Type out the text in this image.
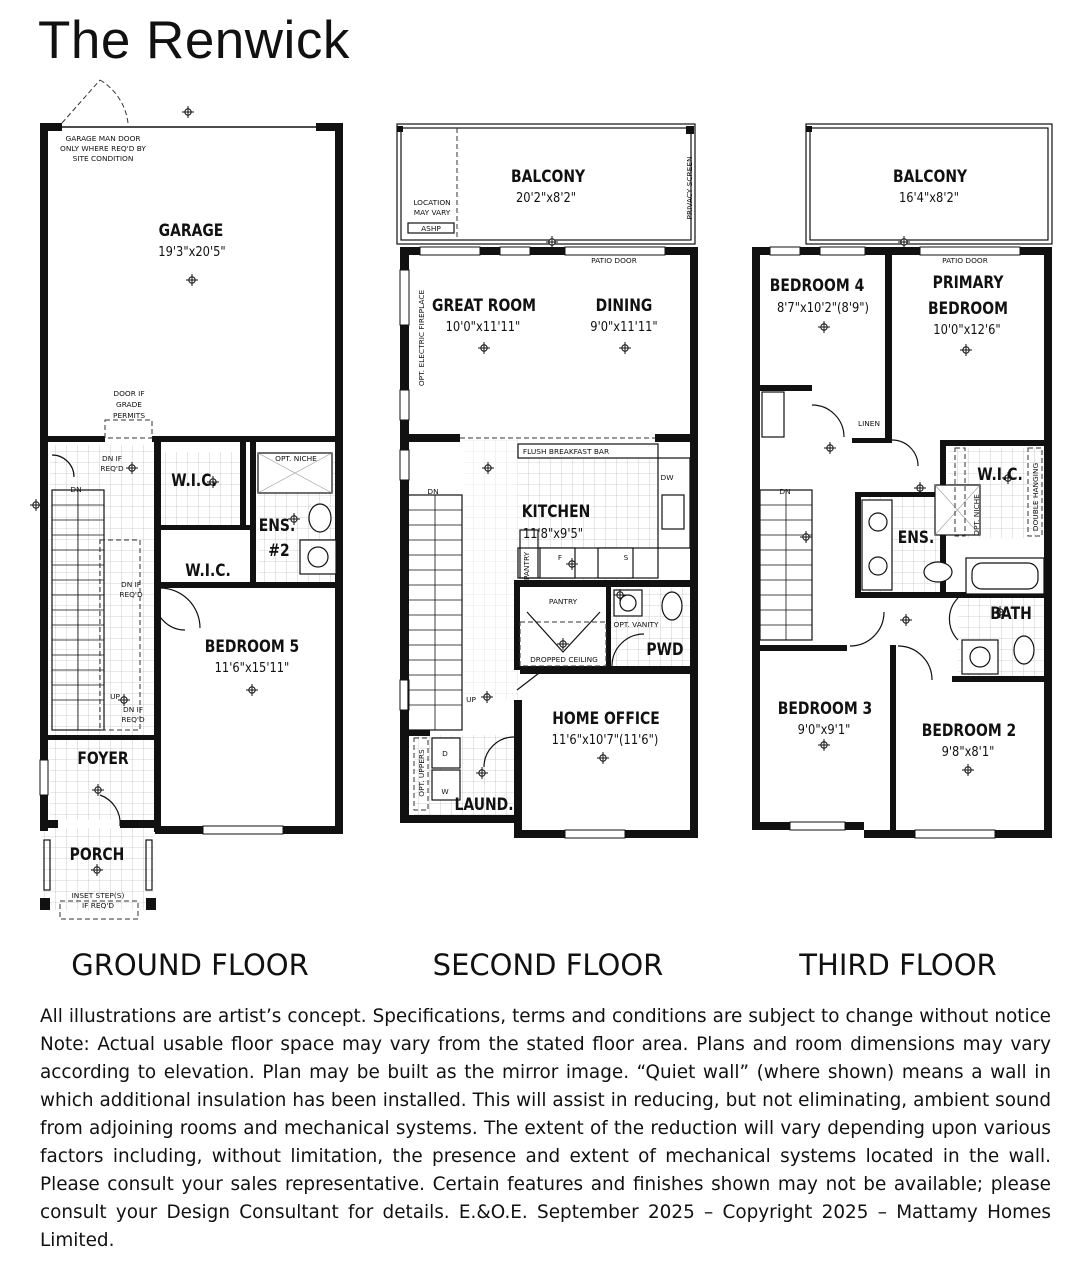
The Renwick
GARAGE MAN DOOR
ONLY WHERE REQ'D BY
SITE CONDITION
GARAGE
19'3"x20'5"
DOOR IF
GRADE
PERMITS
DN IF
REQ'D
DN	W.I.C.
OPT. NICHE
ENS.
#2
W.I.C.
DN IF
REQ'D
BEDROOM 5
11'6"x15'11"
UP
DN IF
REQ'D
FOYER
PORCH
INSET STEP(S)
IF REQ'D
BALCONY
20'2"x8'2"
LOCATION
MAY VARY
ASHP
PRIVACY SCREEN
PATIO DOOR
OPT. ELECTRIC FIREPLACE GREAT ROOM
10'0"x11'11"
DINING
9'0"x11'11"
FLUSH BREAKFAST BAR
DW
DN
KITCHEN
11'8"x9'5"
PANTRY	F	S
PANTRY
OPT. VANITY
DROPPED CEILING
PWD
UP
HOME OFFICE
11'6"x10'7"(11'6")
OPT. UPPERS D
W
LAUND.
BALCONY
16'4"x8'2"
PATIO DOOR
BEDROOM 4
8'7"x10'2"(8'9")
PRIMARY
BEDROOM
10'0"x12'6"
LINEN
W.I.C. DOUBLE HANGING
OPT. NICHE
DN
ENS.
BATH
BEDROOM 3
9'0"x9'1"	BEDROOM 2
9'8"x8'1"
GROUND FLOOR	SECOND FLOOR	THIRD FLOOR

All illustrations are artist’s concept. Specifications, terms and conditions are subject to change without notice Note: Actual usable floor space may vary from the stated floor area. Plans and room dimensions may vary according to elevation. Plan may be built as the mirror image. “Quiet wall” (where shown) means a wall in which additional insulation has been installed. This will assist in reducing, but not eliminating, ambient sound from adjoining rooms and mechanical systems. The extent of the reduction will vary depending upon various factors including, without limitation, the presence and extent of mechanical systems located in the wall. Please consult your sales representative. Certain features and finishes shown may not be available; please consult your Design Consultant for details. E.&O.E. September 2025 – Copyright 2025 – Mattamy Homes Limited.
